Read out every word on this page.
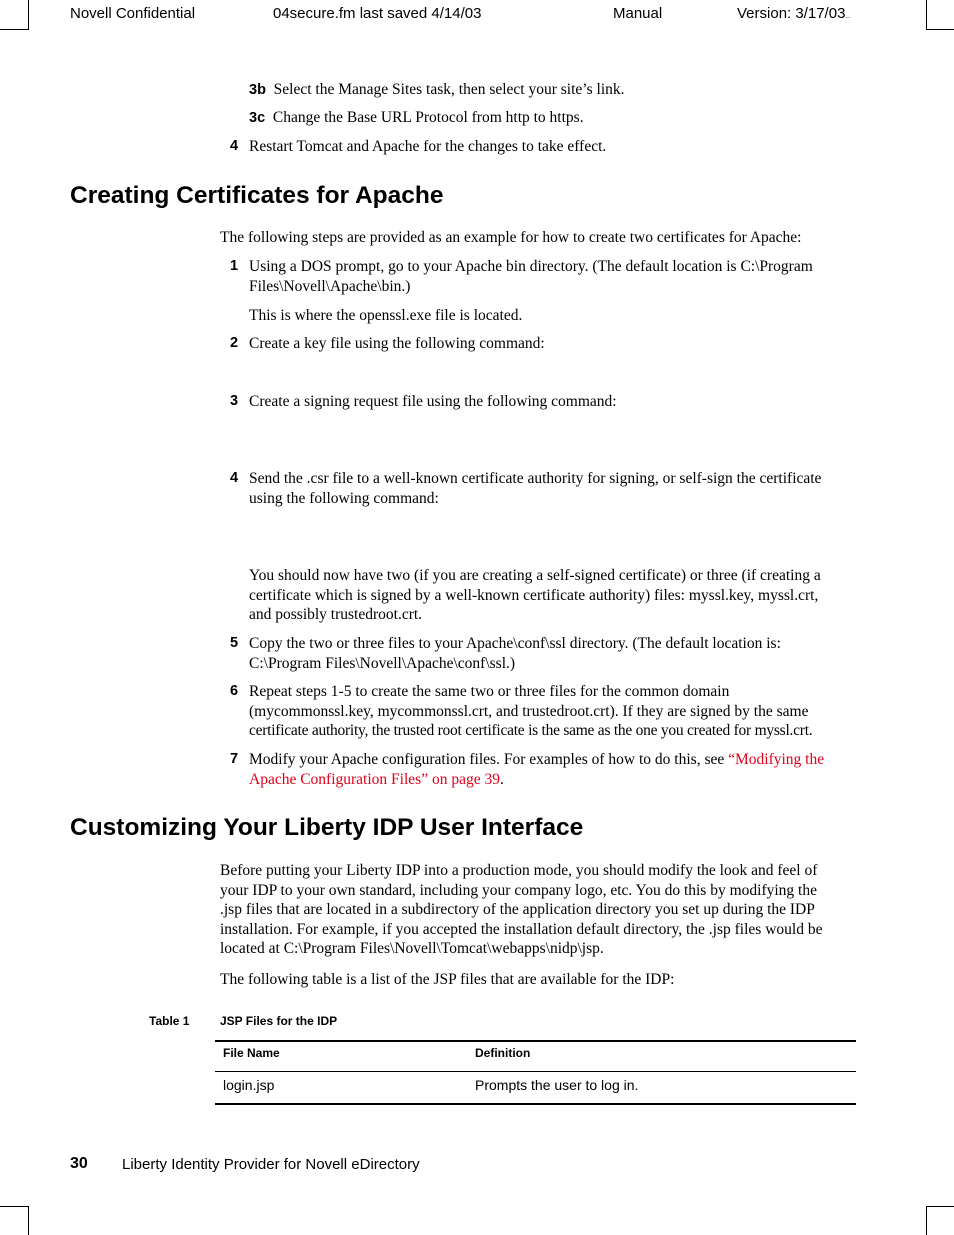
Novell Confidential	04secure.fm last saved 4/14/03	Manual	Version: 3/17/03...
3b Select the Manage Sites task, then select your site’s link.
3c Change the Base URL Protocol from http to https.
4 Restart Tomcat and Apache for the changes to take effect.
Creating Certificates for Apache
The following steps are provided as an example for how to create two certificates for Apache:
1 Using a DOS prompt, go to your Apache bin directory. (The default location is C:\Program
Files\Novell\Apache\bin.)
This is where the openssl.exe file is located.
2 Create a key file using the following command:
3 Create a signing request file using the following command:
4 Send the .csr file to a well-known certificate authority for signing, or self-sign the certificate
using the following command:
You should now have two (if you are creating a self-signed certificate) or three (if creating a
certificate which is signed by a well-known certificate authority) files: myssl.key, myssl.crt,
and possibly trustedroot.crt.
5 Copy the two or three files to your Apache\conf\ssl directory. (The default location is:
C:\Program Files\Novell\Apache\conf\ssl.)
6 Repeat steps 1-5 to create the same two or three files for the common domain
(mycommonssl.key, mycommonssl.crt, and trustedroot.crt). If they are signed by the same
certificate authority, the trusted root certificate is the same as the one you created for myssl.crt.
7 Modify your Apache configuration files. For examples of how to do this, see “Modifying the
Apache Configuration Files” on page 39.
Customizing Your Liberty IDP User Interface
Before putting your Liberty IDP into a production mode, you should modify the look and feel of
your IDP to your own standard, including your company logo, etc. You do this by modifying the
.jsp files that are located in a subdirectory of the application directory you set up during the IDP
installation. For example, if you accepted the installation default directory, the .jsp files would be
located at C:\Program Files\Novell\Tomcat\webapps\nidp\jsp.
The following table is a list of the JSP files that are available for the IDP:
Table 1	JSP Files for the IDP
File Name	Definition
login.jsp	Prompts the user to log in.
30 Liberty Identity Provider for Novell eDirectory
